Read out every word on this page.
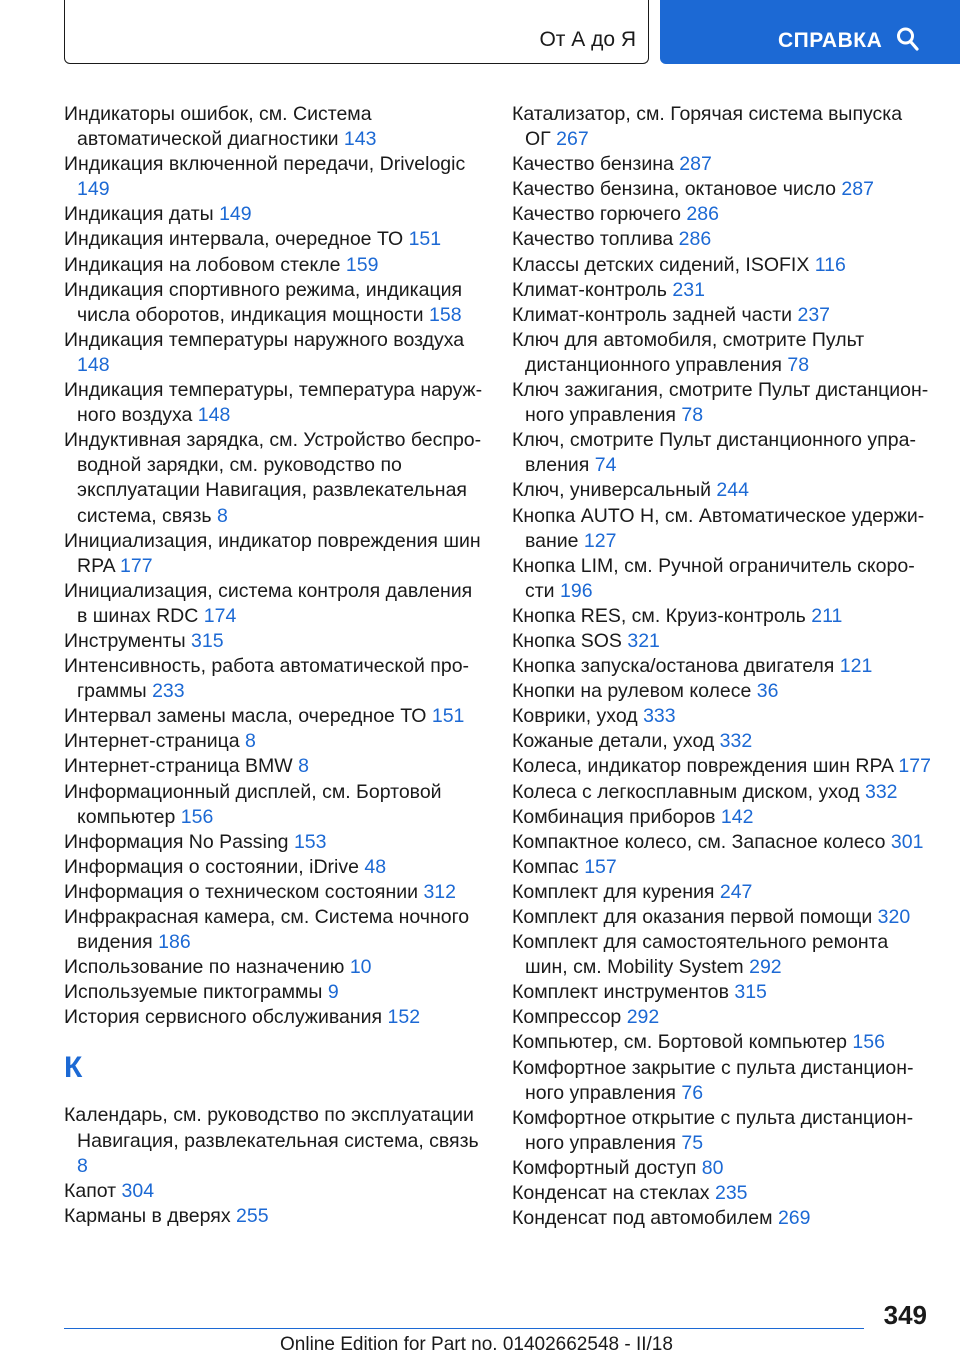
От А до Я	СПРАВКА
Индикаторы ошибок, см. Система автоматической диагностики 143
Индикация включенной передачи, Drivelogic 149
Индикация даты 149
Индикация интервала, очередное ТО 151
Индикация на лобовом стекле 159
Индикация спортивного режима, индикация числа оборотов, индикация мощности 158
Индикация температуры наружного воздуха 148
Индикация температуры, температура наружного воздуха 148
Индуктивная зарядка, см. Устройство беспроводной зарядки, см. руководство по эксплуатации Навигация, развлекательная система, связь 8
Инициализация, индикатор повреждения шин RPA 177
Инициализация, система контроля давления в шинах RDC 174
Инструменты 315
Интенсивность, работа автоматической программы 233
Интервал замены масла, очередное ТО 151
Интернет-страница 8
Интернет-страница BMW 8
Информационный дисплей, см. Бортовой компьютер 156
Информация No Passing 153
Информация о состоянии, iDrive 48
Информация о техническом состоянии 312
Инфракрасная камера, см. Система ночного видения 186
Использование по назначению 10
Используемые пиктограммы 9
История сервисного обслуживания 152
К
Календарь, см. руководство по эксплуатации Навигация, развлекательная система, связь 8
Капот 304
Карманы в дверях 255
Катализатор, см. Горячая система выпуска ОГ 267
Качество бензина 287
Качество бензина, октановое число 287
Качество горючего 286
Качество топлива 286
Классы детских сидений, ISOFIX 116
Климат-контроль 231
Климат-контроль задней части 237
Ключ для автомобиля, смотрите Пульт дистанционного управления 78
Ключ зажигания, смотрите Пульт дистанционного управления 78
Ключ, смотрите Пульт дистанционного управления 74
Ключ, универсальный 244
Кнопка AUTO H, см. Автоматическое удерживание 127
Кнопка LIM, см. Ручной ограничитель скорости 196
Кнопка RES, см. Круиз-контроль 211
Кнопка SOS 321
Кнопка запуска/останова двигателя 121
Кнопки на рулевом колесе 36
Коврики, уход 333
Кожаные детали, уход 332
Колеса, индикатор повреждения шин RPA 177
Колеса с легкосплавным диском, уход 332
Комбинация приборов 142
Компактное колесо, см. Запасное колесо 301
Компас 157
Комплект для курения 247
Комплект для оказания первой помощи 320
Комплект для самостоятельного ремонта шин, см. Mobility System 292
Комплект инструментов 315
Компрессор 292
Компьютер, см. Бортовой компьютер 156
Комфортное закрытие с пульта дистанционного управления 76
Комфортное открытие с пульта дистанционного управления 75
Комфортный доступ 80
Конденсат на стеклах 235
Конденсат под автомобилем 269
349
Online Edition for Part no. 01402662548 - II/18
